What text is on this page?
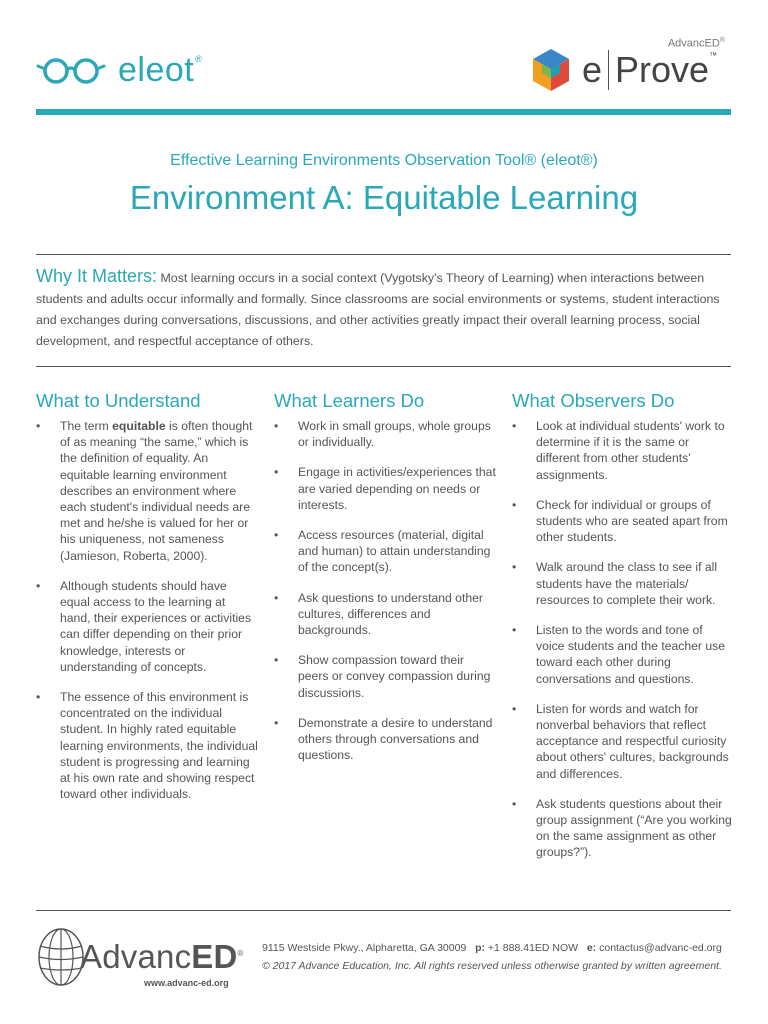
eleot®
AdvancED®
e Prove™
Effective Learning Environments Observation Tool® (eleot®)
Environment A: Equitable Learning
Why It Matters: Most learning occurs in a social context (Vygotsky's Theory of Learning) when interactions between students and adults occur informally and formally. Since classrooms are social environments or systems, student interactions and exchanges during conversations, discussions, and other activities greatly impact their overall learning process, social development, and respectful acceptance of others.
What to Understand
• The term equitable is often thought of as meaning “the same,” which is the definition of equality. An equitable learning environment describes an environment where each student's individual needs are met and he/she is valued for her or his uniqueness, not sameness (Jamieson, Roberta, 2000).
• Although students should have equal access to the learning at hand, their experiences or activities can differ depending on their prior knowledge, interests or understanding of concepts.
• The essence of this environment is concentrated on the individual student. In highly rated equitable learning environments, the individual student is progressing and learning at his own rate and showing respect toward other individuals.
What Learners Do
• Work in small groups, whole groups or individually.
• Engage in activities/experiences that are varied depending on needs or interests.
• Access resources (material, digital and human) to attain understanding of the concept(s).
• Ask questions to understand other cultures, differences and backgrounds.
• Show compassion toward their peers or convey compassion during discussions.
• Demonstrate a desire to understand others through conversations and questions.
What Observers Do
• Look at individual students' work to determine if it is the same or different from other students' assignments.
• Check for individual or groups of students who are seated apart from other students.
• Walk around the class to see if all students have the materials/ resources to complete their work.
• Listen to the words and tone of voice students and the teacher use toward each other during conversations and questions.
• Listen for words and watch for nonverbal behaviors that reflect acceptance and respectful curiosity about others' cultures, backgrounds and differences.
• Ask students questions about their group assignment (“Are you working on the same assignment as other groups?”).
AdvancED®
www.advanc-ed.org
9115 Westside Pkwy., Alpharetta, GA 30009 p: +1 888.41ED NOW e: contactus@advanc-ed.org
© 2017 Advance Education, Inc. All rights reserved unless otherwise granted by written agreement.
